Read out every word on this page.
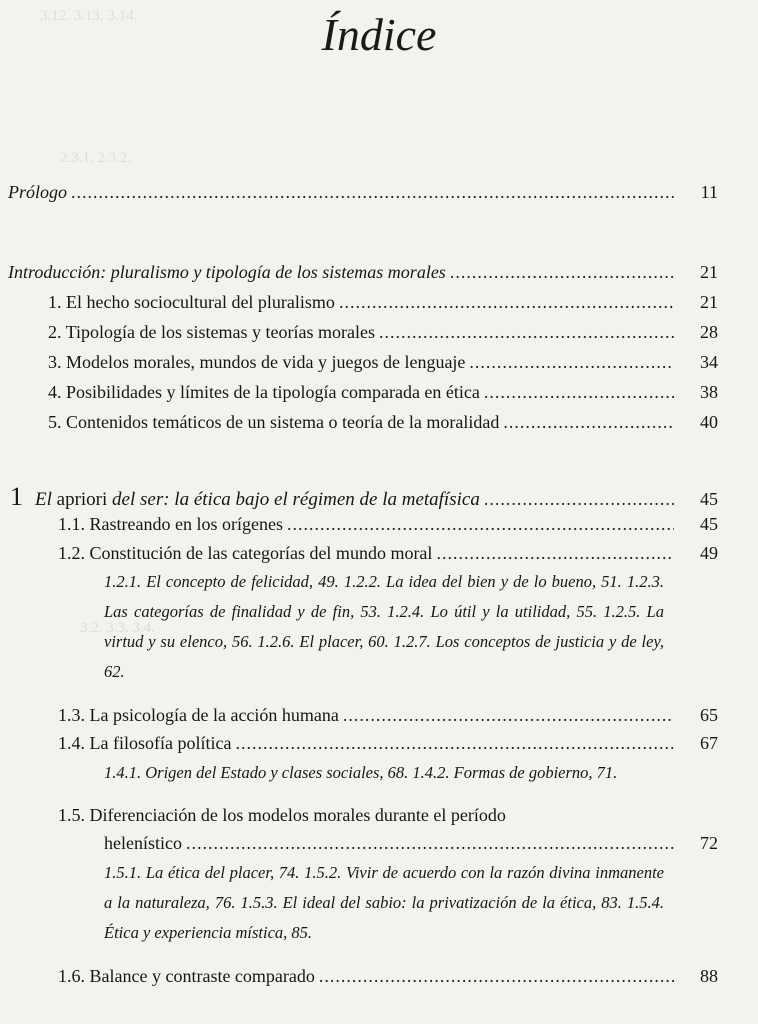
3.12. 3.13. 3.14.
2.3.1. 2.3.2.
3.2. 3.3. 3.4.
Índice
Prólogo .....	11
Introducción: pluralismo y tipología de los sistemas morales .....	21
1. El hecho sociocultural del pluralismo .....	21
2. Tipología de los sistemas y teorías morales .....	28
3. Modelos morales, mundos de vida y juegos de lenguaje .....	34
4. Posibilidades y límites de la tipología comparada en ética .....	38
5. Contenidos temáticos de un sistema o teoría de la moralidad .....	40
1 El apriori del ser: la ética bajo el régimen de la metafísica .....	45
1.1. Rastreando en los orígenes .....	45
1.2. Constitución de las categorías del mundo moral .....	49
1.2.1. El concepto de felicidad, 49. 1.2.2. La idea del bien y de lo bueno, 51. 1.2.3. Las categorías de finalidad y de fin, 53. 1.2.4. Lo útil y la utilidad, 55. 1.2.5. La virtud y su elenco, 56. 1.2.6. El placer, 60. 1.2.7. Los conceptos de justicia y de ley, 62.
1.3. La psicología de la acción humana .....	65
1.4. La filosofía política .....	67
1.4.1. Origen del Estado y clases sociales, 68. 1.4.2. Formas de gobierno, 71.
1.5. Diferenciación de los modelos morales durante el período
helenístico .....	72
1.5.1. La ética del placer, 74. 1.5.2. Vivir de acuerdo con la razón divina inmanente a la naturaleza, 76. 1.5.3. El ideal del sabio: la privatización de la ética, 83. 1.5.4. Ética y experiencia mística, 85.
1.6. Balance y contraste comparado .....	88
